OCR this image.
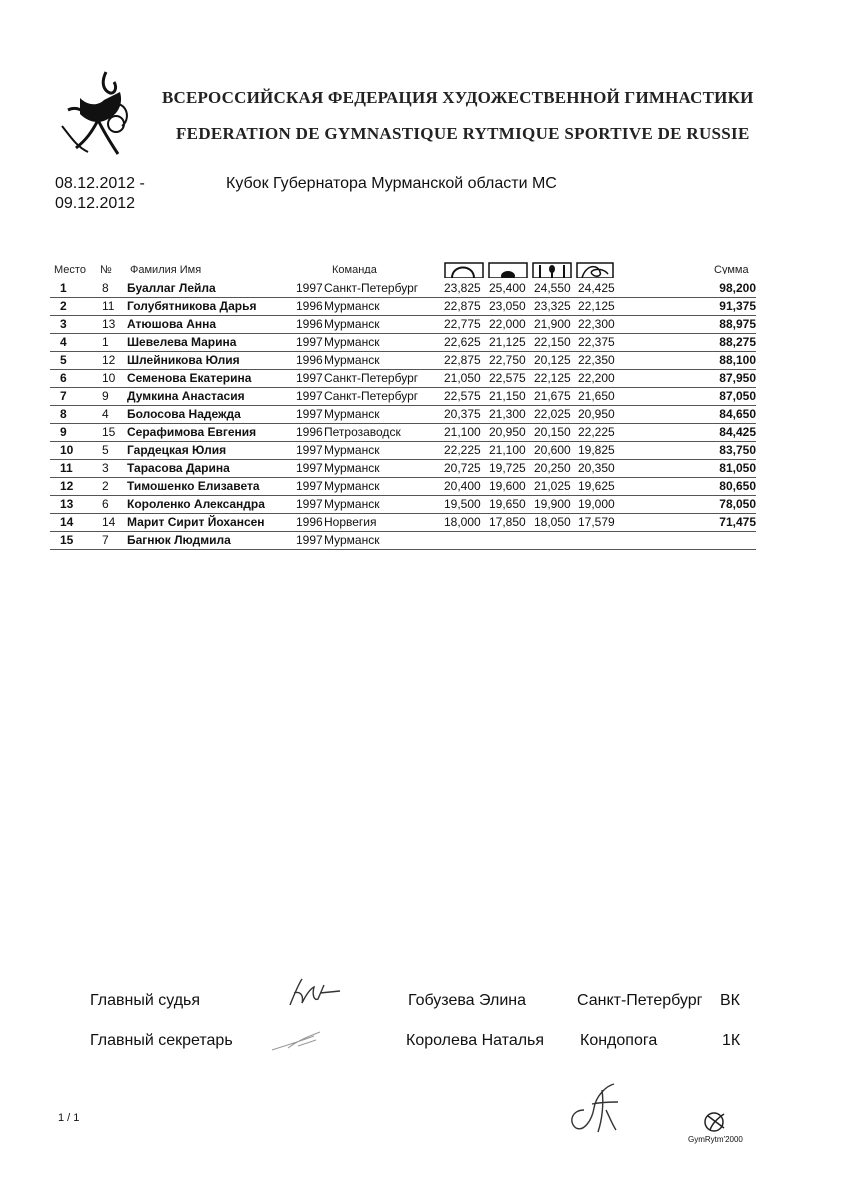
ВСЕРОССИЙСКАЯ ФЕДЕРАЦИЯ ХУДОЖЕСТВЕННОЙ ГИМНАСТИКИ
FEDERATION DE GYMNASTIQUE RYTMIQUE SPORTIVE DE RUSSIE
08.12.2012 -
09.12.2012
Кубок Губернатора Мурманской области МС
Место № Фамилия Имя	Команда	Сумма
1	8	Буаллаг Лейла	1997 Санкт-Петербург 23,825 25,400 24,550 24,425	98,200
2	11	Голубятникова Дарья	1996 Мурманск	22,875 23,050 23,325 22,125	91,375
3	13 Атюшова Анна	1996 Мурманск	22,775 22,000 21,900 22,300	88,975
4	1	Шевелева Марина	1997 Мурманск	22,625 21,125 22,150 22,375	88,275
5	12 Шлейникова Юлия	1996 Мурманск	22,875 22,750 20,125 22,350	88,100
6	10 Семенова Екатерина	1997 Санкт-Петербург 21,050 22,575 22,125 22,200	87,950
7	9	Думкина Анастасия	1997 Санкт-Петербург 22,575 21,150 21,675 21,650	87,050
8	4	Болосова Надежда	1997 Мурманск	20,375 21,300 22,025 20,950	84,650
9	15 Серафимова Евгения	1996 Петрозаводск	21,100 20,950 20,150 22,225	84,425
10	5	Гардецкая Юлия	1997 Мурманск	22,225 21,100 20,600 19,825	83,750
11	3	Тарасова Дарина	1997 Мурманск	20,725 19,725 20,250 20,350	81,050
12	2	Тимошенко Елизавета	1997 Мурманск	20,400 19,600 21,025 19,625	80,650
13	6	Короленко Александра	1997 Мурманск	19,500 19,650 19,900 19,000	78,050
14	14 Марит Сирит Йохансен	1996 Норвегия	18,000 17,850 18,050 17,579	71,475
15	7	Багнюк Людмила	1997 Мурманск
Главный судья	Гобузева Элина	Санкт-Петербург ВК
Главный секретарь	Королева Наталья Кондопога	1К
1 / 1
GymRytm'2000
